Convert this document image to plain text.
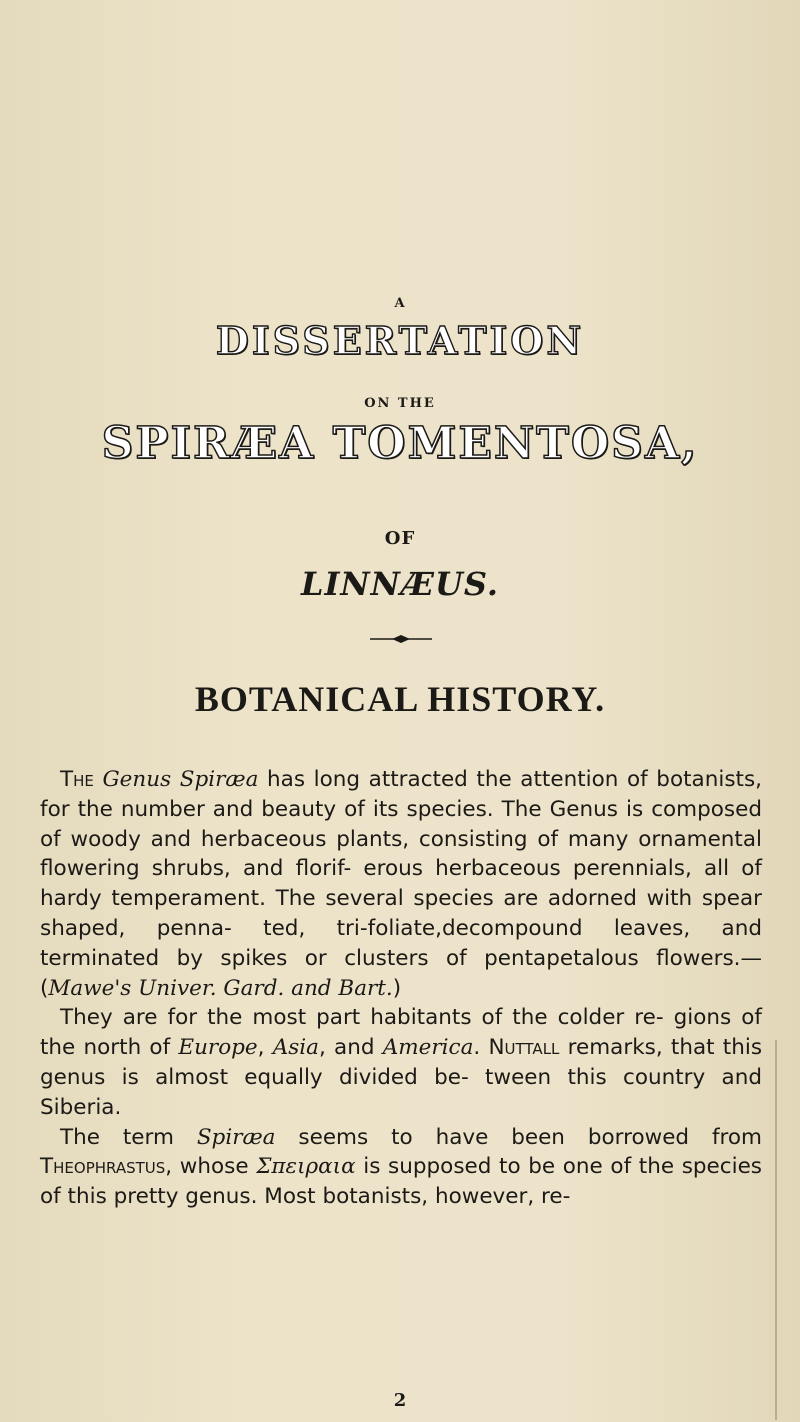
A
DISSERTATION
ON THE
SPIRÆA TOMENTOSA,
OF
LINNÆUS.
BOTANICAL HISTORY.

The Genus Spiræa has long attracted the attention of botanists, for the number and beauty of its species. The Genus is composed of woody and herbaceous plants, consisting of many ornamental flowering shrubs, and florif- erous herbaceous perennials, all of hardy temperament. The several species are adorned with spear shaped, penna- ted, tri-foliate,decompound leaves, and terminated by spikes or clusters of pentapetalous flowers.—(Mawe's Univer. Gard. and Bart.)

They are for the most part habitants of the colder re- gions of the north of Europe, Asia, and America. Nuttall remarks, that this genus is almost equally divided be- tween this country and Siberia.

The term Spiræa seems to have been borrowed from Theophrastus, whose Σπειραια is supposed to be one of the species of this pretty genus. Most botanists, however, re-

2
